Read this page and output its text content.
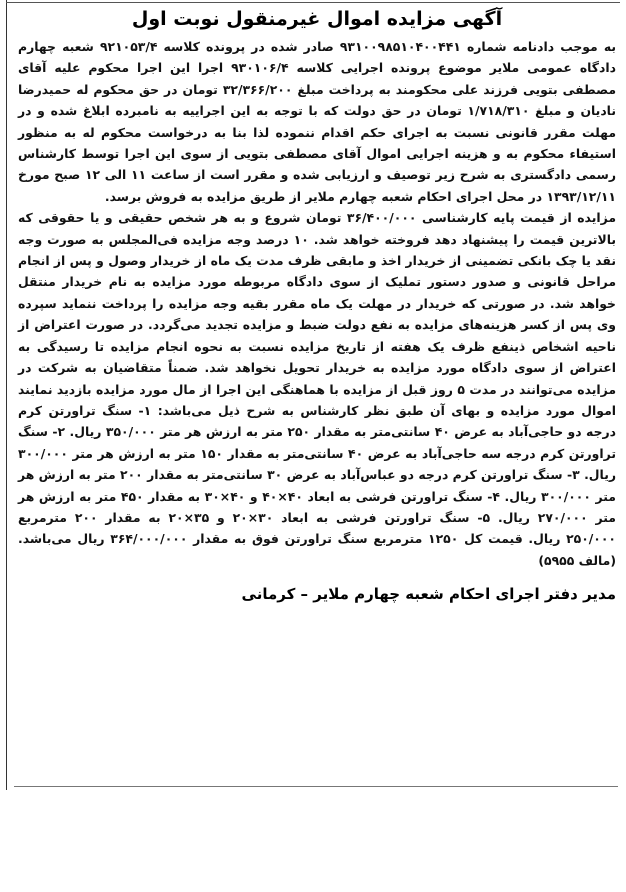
آگهی مزایده اموال غیرمنقول نوبت اول

به موجب دادنامه شماره ۹۳۱۰۰۹۸۵۱۰۴۰۰۴۴۱ صادر شده در پرونده کلاسه ۹۲۱۰۵۳/۴ شعبه چهارم دادگاه عمومی ملایر موضوع پرونده اجرایی کلاسه ۹۳۰۱۰۶/۴ اجرا این اجرا محکوم علیه آقای مصطفی بتویی فرزند علی محکومند به پرداخت مبلغ ۳۲/۳۶۶/۲۰۰ تومان در حق محکوم له حمیدرضا نادیان و مبلغ ۱/۷۱۸/۳۱۰ تومان در حق دولت که با توجه به این اجراییه به نامبرده ابلاغ شده و در مهلت مقرر قانونی نسبت به اجرای حکم اقدام ننموده لذا بنا به درخواست محکوم له به منظور استیفاء محکوم به و هزینه اجرایی اموال آقای مصطفی بتویی از سوی این اجرا توسط کارشناس رسمی دادگستری به شرح زیر توصیف و ارزیابی شده و مقرر است از ساعت ۱۱ الی ۱۲ صبح مورخ ۱۳۹۳/۱۲/۱۱ در محل اجرای احکام شعبه چهارم ملایر از طریق مزایده به فروش برسد.

مزایده از قیمت پایه کارشناسی ۳۶/۴۰۰/۰۰۰ تومان شروع و به هر شخص حقیقی و یا حقوقی که بالاترین قیمت را پیشنهاد دهد فروخته خواهد شد. ۱۰ درصد وجه مزایده فی‌المجلس به صورت وجه نقد یا چک بانکی تضمینی از خریدار اخذ و مابقی ظرف مدت یک ماه از خریدار وصول و پس از انجام مراحل قانونی و صدور دستور تملیک از سوی دادگاه مربوطه مورد مزایده به نام خریدار منتقل خواهد شد. در صورتی که خریدار در مهلت یک ماه مقرر بقیه وجه مزایده را پرداخت ننماید سپرده وی پس از کسر هزینه‌های مزایده به نفع دولت ضبط و مزایده تجدید می‌گردد. در صورت اعتراض از ناحیه اشخاص ذینفع ظرف یک هفته از تاریخ مزایده نسبت به نحوه انجام مزایده تا رسیدگی به اعتراض از سوی دادگاه مورد مزایده به خریدار تحویل نخواهد شد. ضمناً متقاضیان به شرکت در مزایده می‌توانند در مدت ۵ روز قبل از مزایده با هماهنگی این اجرا از مال مورد مزایده بازدید نمایند اموال مورد مزایده و بهای آن طبق نظر کارشناس به شرح ذیل می‌باشد: ۱- سنگ تراورتن کرم درجه دو حاجی‌آباد به عرض ۴۰ سانتی‌متر به مقدار ۲۵۰ متر به ارزش هر متر ۳۵۰/۰۰۰ ریال. ۲- سنگ تراورتن کرم درجه سه حاجی‌آباد به عرض ۴۰ سانتی‌متر به مقدار ۱۵۰ متر به ارزش هر متر ۳۰۰/۰۰۰ ریال. ۳- سنگ تراورتن کرم درجه دو عباس‌آباد به عرض ۳۰ سانتی‌متر به مقدار ۲۰۰ متر به ارزش هر متر ۳۰۰/۰۰۰ ریال. ۴- سنگ تراورتن فرشی به ابعاد ۴۰×۴۰ و ۴۰×۳۰ به مقدار ۴۵۰ متر به ارزش هر متر ۲۷۰/۰۰۰ ریال. ۵- سنگ تراورتن فرشی به ابعاد ۳۰×۲۰ و ۳۵×۲۰ به مقدار ۲۰۰ مترمربع ۲۵۰/۰۰۰ ریال. قیمت کل ۱۲۵۰ مترمربع سنگ تراورتن فوق به مقدار ۳۶۴/۰۰۰/۰۰۰ ریال می‌باشد. (مالف ۵۹۵۵)

مدیر دفتر اجرای احکام شعبه چهارم ملایر – کرمانی
